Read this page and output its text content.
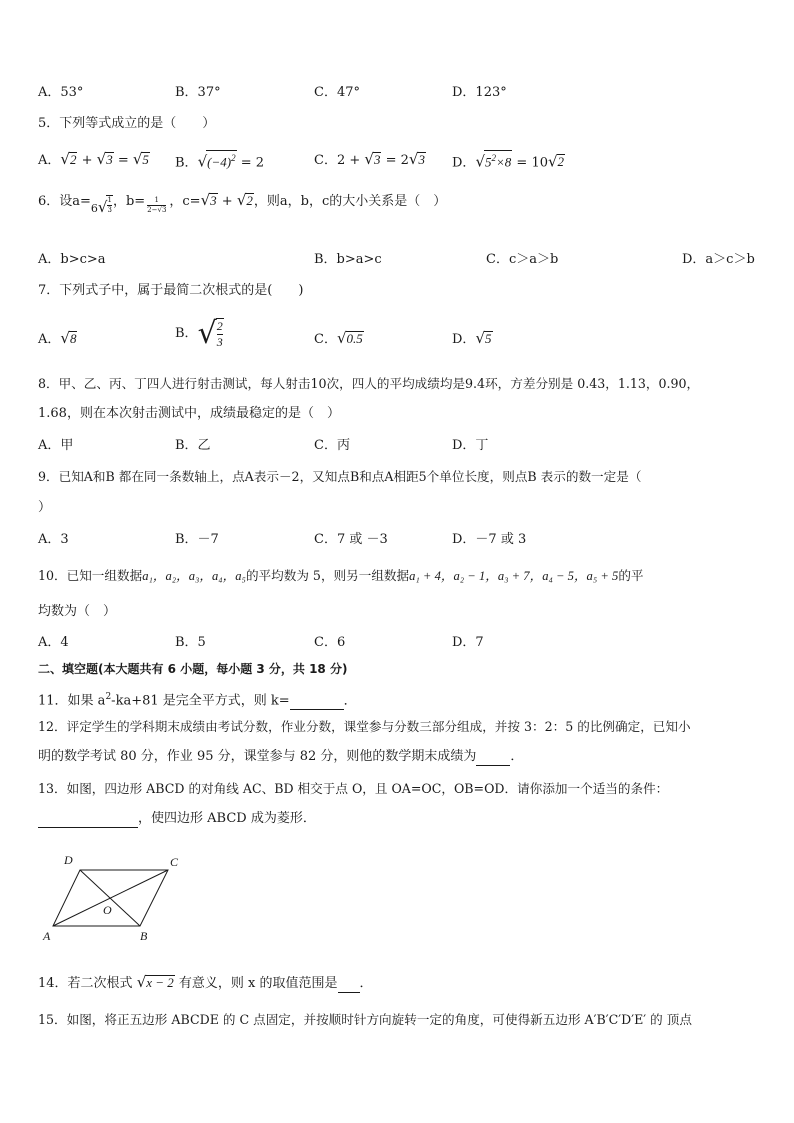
A．53°	B．37°	C．47°	D．123°
5．下列等式成立的是（　　）
A．√2 + √3 = √5 B．$√(-4)^2 = 2$	C．2 + √3 = 2√3 D．$√5^2\times 8 = 10√2$
6．设$a=6√ \frac{1}{3}$ ，$b= \frac{1}{2-√3}$ ，c=√3 + √2，则a，b，c的大小关系是（　）
A．b>c>a	B．b>a>c	C．c＞a＞b	D．a＞c＞b
7．下列式子中，属于最简二次根式的是(　　)
A．√8	B．√ $\frac{2}{3}$	C．√0.5	D．√5
8．甲、乙、丙、丁四人进行射击测试，每人射击10次，四人的平均成绩均是9.4环，方差分别是 0.43，1.13，0.90，
1.68，则在本次射击测试中，成绩最稳定的是（　）
A．甲	B．乙	C．丙	D．丁
9．已知A和B 都在同一条数轴上，点A表示－2，又知点B和点A相距5个单位长度，则点B 表示的数一定是（
）
A．3	B．－7	C．7 或 －3	D．－7 或 3
10．已知一组数据a₁，a₂，a₃，a₄，a₅的平均数为 5，则另一组数据a₁ + 4，a₂ − 1，a₃ + 7，a₄ − 5，a₅ + 5的平
均数为（　）
A．4	B．5	C．6	D．7
二、填空题(本大题共有 6 小题，每小题 3 分，共 18 分)
11．如果 $a^2-ka+81$ 是完全平方式，则 k=	．
12．评定学生的学科期末成绩由考试分数，作业分数，课堂参与分数三部分组成，并按 3：2：5 的比例确定，已知小
明的数学考试 80 分，作业 95 分，课堂参与 82 分，则他的数学期末成绩为	．
13．如图，四边形 ABCD 的对角线 AC、BD 相交于点 O，且 OA=OC，OB=OD．请你添加一个适当的条件：
，使四边形 ABCD 成为菱形．
A	B
C
D
O
14．若二次根式 √x − 2 有意义，则 x 的取值范围是 ．
15．如图，将正五边形 ABCDE 的 C 点固定，并按顺时针方向旋转一定的角度，可使得新五边形 A′B′C′D′E′ 的 顶点
